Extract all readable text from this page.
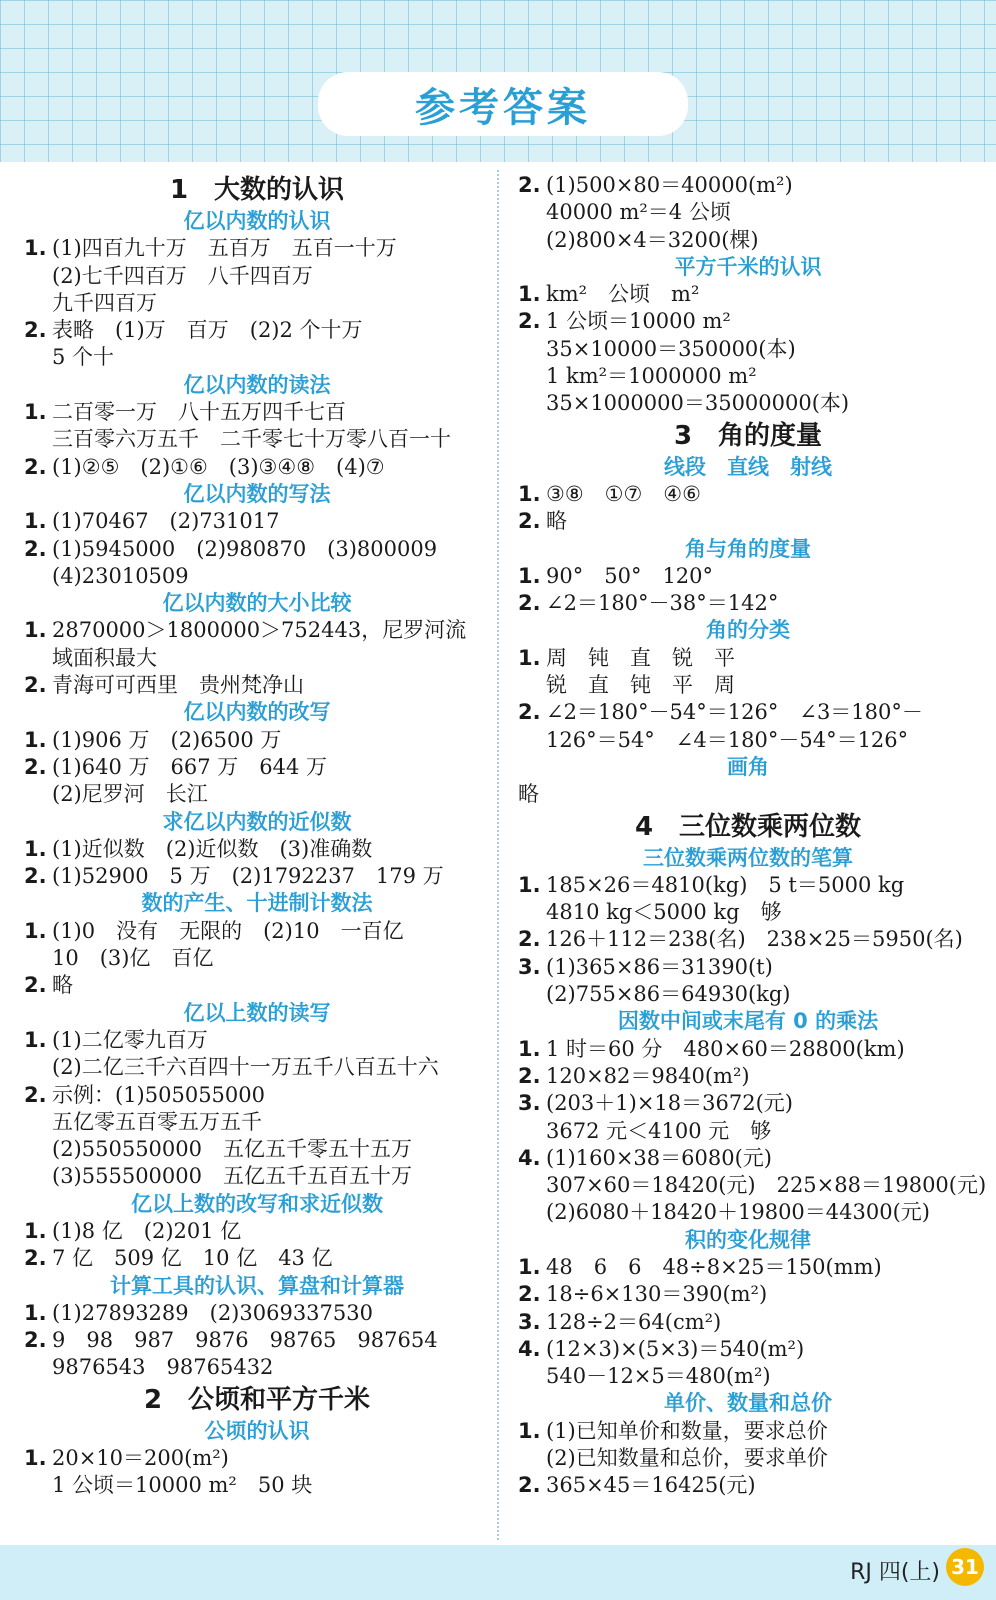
参考答案
1　大数的认识
亿以内数的认识
1. (1)四百九十万　五百万　五百一十万
(2)七千四百万　八千四百万
九千四百万
2. 表略　(1)万　百万　(2)2 个十万
5 个十
亿以内数的读法
1. 二百零一万　八十五万四千七百
三百零六万五千　二千零七十万零八百一十
2. (1)②⑤　(2)①⑥　(3)③④⑧　(4)⑦
亿以内数的写法
1. (1)70467　(2)731017
2. (1)5945000　(2)980870　(3)800009
(4)23010509
亿以内数的大小比较
1. 2870000＞1800000＞752443，尼罗河流
域面积最大
2. 青海可可西里　贵州梵净山
亿以内数的改写
1. (1)906 万　(2)6500 万
2. (1)640 万　667 万　644 万
(2)尼罗河　长江
求亿以内数的近似数
1. (1)近似数　(2)近似数　(3)准确数
2. (1)52900　5 万　(2)1792237　179 万
数的产生、十进制计数法
1. (1)0　没有　无限的　(2)10　一百亿
10　(3)亿　百亿
2. 略
亿以上数的读写
1. (1)二亿零九百万
(2)二亿三千六百四十一万五千八百五十六
2. 示例：(1)505055000
五亿零五百零五万五千
(2)550550000　五亿五千零五十五万
(3)555500000　五亿五千五百五十万
亿以上数的改写和求近似数
1. (1)8 亿　(2)201 亿
2. 7 亿　509 亿　10 亿　43 亿
计算工具的认识、算盘和计算器
1. (1)27893289　(2)3069337530
2. 9　98　987　9876　98765　987654
9876543　98765432
2　公顷和平方千米
公顷的认识
1. 20×10＝200(m²)
1 公顷＝10000 m²　50 块
2. (1)500×80＝40000(m²)
40000 m²＝4 公顷
(2)800×4＝3200(棵)
平方千米的认识
1. km²　公顷　m²
2. 1 公顷＝10000 m²
35×10000＝350000(本)
1 km²＝1000000 m²
35×1000000＝35000000(本)
3　角的度量
线段　直线　射线
1. ③⑧　①⑦　④⑥
2. 略
角与角的度量
1. 90°　50°　120°
2. ∠2＝180°－38°＝142°
角的分类
1. 周　钝　直　锐　平
锐　直　钝　平　周
2. ∠2＝180°－54°＝126°　∠3＝180°－
126°＝54°　∠4＝180°－54°＝126°
画角
略
4　三位数乘两位数
三位数乘两位数的笔算
1. 185×26＝4810(kg)　5 t＝5000 kg
4810 kg＜5000 kg　够
2. 126＋112＝238(名)　238×25＝5950(名)
3. (1)365×86＝31390(t)
(2)755×86＝64930(kg)
因数中间或末尾有 0 的乘法
1. 1 时＝60 分　480×60＝28800(km)
2. 120×82＝9840(m²)
3. (203＋1)×18＝3672(元)
3672 元＜4100 元　够
4. (1)160×38＝6080(元)
307×60＝18420(元)　225×88＝19800(元)
(2)6080＋18420＋19800＝44300(元)
积的变化规律
1. 48　6　6　48÷8×25＝150(mm)
2. 18÷6×130＝390(m²)
3. 128÷2＝64(cm²)
4. (12×3)×(5×3)＝540(m²)
540－12×5＝480(m²)
单价、数量和总价
1. (1)已知单价和数量，要求总价
(2)已知数量和总价，要求单价
2. 365×45＝16425(元)
RJ 四(上) 31
